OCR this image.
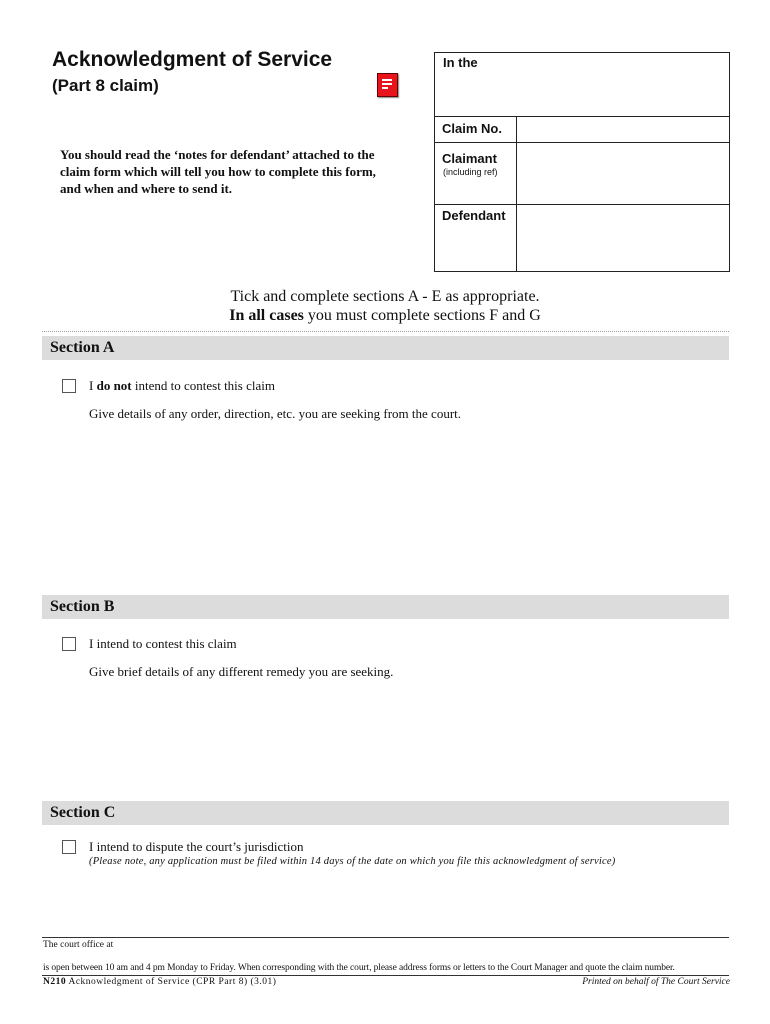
Acknowledgment of Service
(Part 8 claim)
You should read the ‘notes for defendant’ attached to the claim form which will tell you how to complete this form, and when and where to send it.
In the
Claim No.
Claimant
(including ref)
Defendant
Tick and complete sections A - E as appropriate.
In all cases you must complete sections F and G
Section A
I do not intend to contest this claim
Give details of any order, direction, etc. you are seeking from the court.
Section B
I intend to contest this claim
Give brief details of any different remedy you are seeking.
Section C
I intend to dispute the court’s jurisdiction
(Please note, any application must be filed within 14 days of the date on which you file this acknowledgment of service)
The court office at
is open between 10 am and 4 pm Monday to Friday. When corresponding with the court, please address forms or letters to the Court Manager and quote the claim number.
N210 Acknowledgment of Service (CPR Part 8) (3.01)	Printed on behalf of The Court Service
